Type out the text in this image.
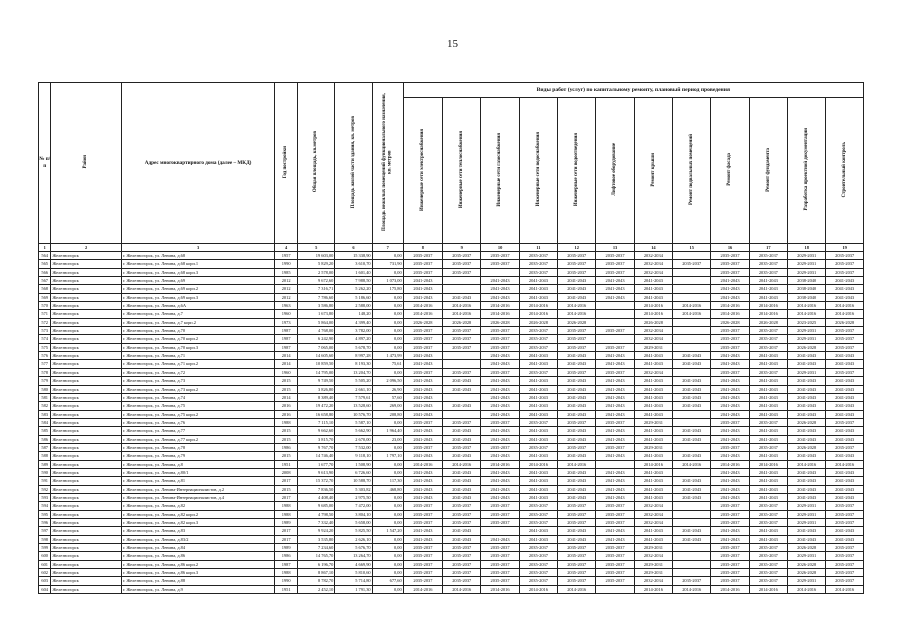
15
№ п/п	Район	Адрес многоквартирного дома (далее – МКД)	Год постройки	Общая площадь, кв.метров	Площадь жилой части здания, кв. метров	Площадь нежилых помещений функционального назначения, кв. метров	Виды работ (услуг) по капитальному ремонту, плановый период проведения											
							Инженерные сети электроснабжения	Инженерные сети теплоснабжения	Инженерные сети газоснабжения	Инженерные сети водоснабжения	Инженерные сети водоотведения	Лифтовое оборудование	Ремонт крыши	Ремонт подвальных помещений	Ремонт фасада	Ремонт фундамента	Разработка проектной документации	Строительный контроль
1	2	3	4	5	6	7	8	9	10	11	12	13	14	15	16	17	18	19
564	Железногорск	г. Железногорск, ул. Ленина, д.68	1957	19 603,00	15 338,90	0,00	2035-2037	2035-2037	2035-2037	2035-2037	2035-2037	2035-2037	2032-2034		2035-2037	2035-2037	2029-2031	2035-2037
565	Железногорск	г. Железногорск, ул. Ленина, д.68 корп.1	1990	5 829,20	3 610,70	731,90	2035-2037	2035-2037	2035-2037	2035-2037	2035-2037	2035-2037	2032-2034	2035-2037	2035-2037	2035-2037	2029-2031	2035-2037
566	Железногорск	г. Железногорск, ул. Ленина, д.68 корп.3	1985	2 578,00	1 601,40	0,00	2035-2037	2035-2037		2035-2037	2035-2037	2035-2037	2032-2034		2035-2037	2035-2037	2029-2031	2035-2037
567	Железногорск	г. Железногорск, ул. Ленина, д.69	2012	9 672,60	7 988,50	1 073,00	2041-2043		2041-2043	2041-2043	2041-2043	2041-2043	2041-2043		2041-2043	2041-2043	2038-2040	2041-2043
568	Железногорск	г. Железногорск, ул. Ленина, д.69 корп.2	2012	7 316,71	5 262,20	175,80	2041-2043		2041-2043	2041-2043	2041-2043	2041-2043	2041-2043		2041-2043	2041-2043	2038-2040	2041-2043
569	Железногорск	г. Железногорск, ул. Ленина, д.69 корп.3	2012	7 786,60	5 186,60	0,00	2041-2043	2041-2043	2041-2043	2041-2043	2041-2043	2041-2043	2041-2043		2041-2043	2041-2043	2038-2040	2041-2043
570	Железногорск	г. Железногорск, ул. Ленина, д.6А	1963	3 586,80	2 588,00	0,00	2014-2016	2014-2016	2014-2016	2014-2016	2014-2016		2014-2016	2014-2016	2014-2016	2014-2016	2014-2016	2014-2016
571	Железногорск	г. Железногорск, ул. Ленина, д.7	1960	1 673,80	148,20	0,00	2014-2016	2014-2016	2014-2016	2014-2016	2014-2016		2014-2016	2014-2016	2014-2016	2014-2016	2014-2016	2014-2016
572	Железногорск	г. Железногорск, ул. Ленина, д.7 корп.2	1973	5 864,00	4 399,40	0,00	2026-2028	2026-2028	2026-2028	2026-2028	2026-2028		2026-2028		2026-2028	2026-2028	2023-2025	2026-2028
573	Железногорск	г. Железногорск, ул. Ленина, д.70	1987	4 768,00	3 782,00	0,00	2035-2037	2035-2037	2035-2037	2035-2037	2035-2037	2035-2037	2032-2034		2035-2037	2035-2037	2029-2031	2035-2037
574	Железногорск	г. Железногорск, ул. Ленина, д.70 корп.2	1987	6 242,90	4 897,20	0,00	2035-2037	2035-2037	2035-2037	2035-2037	2035-2037		2032-2034		2035-2037	2035-2037	2029-2031	2035-2037
575	Железногорск	г. Железногорск, ул. Ленина, д.70 корп.3	1987	7 065,00	5 678,70	0,00	2035-2037	2035-2037	2035-2037	2035-2037	2035-2037	2035-2037	2029-2031		2035-2037	2035-2037	2026-2028	2035-2037
576	Железногорск	г. Железногорск, ул. Ленина, д.71	2014	14 605,60	8 997,28	1 473,99	2041-2043		2041-2043	2041-2043	2041-2043	2041-2043	2041-2043	2041-2043	2041-2043	2041-2043	2041-2043	2041-2043
577	Железногорск	г. Железногорск, ул. Ленина, д.71 корп.2	2014	10 859,50	8 193,30	75,61	2041-2043		2041-2043	2041-2043	2041-2043	2041-2043	2041-2043	2041-2043	2041-2043	2041-2043	2041-2043	2041-2043
578	Железногорск	г. Железногорск, ул. Ленина, д.72	1960	14 795,00	13 204,70	0,00	2035-2037	2035-2037	2035-2037	2035-2037	2035-2037	2035-2037	2032-2034		2035-2037	2035-2037	2029-2031	2035-2037
579	Железногорск	г. Железногорск, ул. Ленина, д.73	2015	9 749,50	5 505,20	2 096,50	2041-2043	2041-2043	2041-2043	2041-2043	2041-2043	2041-2043	2041-2043	2041-2043	2041-2043	2041-2043	2041-2043	2041-2043
580	Железногорск	г. Железногорск, ул. Ленина, д.73 корп.2	2015	3 826,80	2 661,10	26,90	2041-2043	2041-2043	2041-2043	2041-2043	2041-2043	2041-2043	2041-2043	2041-2043	2041-2043	2041-2043	2041-2043	2041-2043
581	Железногорск	г. Железногорск, ул. Ленина, д.74	2014	8 389,40	7 579,61	57,60	2041-2043		2041-2043	2041-2043	2041-2043	2041-2043	2041-2043	2041-2043	2041-2043	2041-2043	2041-2043	2041-2043
582	Железногорск	г. Железногорск, ул. Ленина, д.75	2016	19 472,20	13 528,60	269,00	2041-2043	2041-2043	2041-2043	2041-2043	2041-2043	2041-2043	2041-2043	2041-2043	2041-2043	2041-2043	2041-2043	2041-2043
583	Железногорск	г. Железногорск, ул. Ленина, д.75 корп.2	2016	16 658,80	10 576,70	208,80	2041-2043		2041-2043	2041-2043	2041-2043	2041-2043	2041-2043		2041-2043	2041-2043	2041-2043	2041-2043
584	Железногорск	г. Железногорск, ул. Ленина, д.76	1988	7 115,10	5 587,10	0,00	2035-2037	2035-2037	2035-2037	2035-2037	2035-2037	2035-2037	2029-2031		2035-2037	2035-2037	2026-2028	2035-2037
585	Железногорск	г. Железногорск, ул. Ленина, д.77	2015	9 662,60	5 662,90	1 964,40	2041-2043	2041-2043	2041-2043	2041-2043	2041-2043	2041-2043	2041-2043	2041-2043	2041-2043	2041-2043	2041-2043	2041-2043
586	Железногорск	г. Железногорск, ул. Ленина, д.77 корп.2	2015	3 815,70	2 670,00	23,00	2041-2043	2041-2043	2041-2043	2041-2043	2041-2043	2041-2043	2041-2043	2041-2043	2041-2043	2041-2043	2041-2043	2041-2043
587	Железногорск	г. Железногорск, ул. Ленина, д.78	1986	9 767,70	7 532,00	0,00	2035-2037	2035-2037	2035-2037	2035-2037	2035-2037	2035-2037	2029-2031		2035-2037	2035-2037	2026-2028	2035-2037
588	Железногорск	г. Железногорск, ул. Ленина, д.79	2015	14 746,40	9 118,10	1 797,10	2041-2043	2041-2043	2041-2043	2041-2043	2041-2043	2041-2043	2041-2043	2041-2043	2041-2043	2041-2043	2041-2043	2041-2043
589	Железногорск	г. Железногорск, ул. Ленина, д.8	1951	1 677,70	1 508,90	0,00	2014-2016	2014-2016	2014-2016	2014-2016	2014-2016		2014-2016	2014-2016	2014-2016	2014-2016	2014-2016	2014-2016
590	Железногорск	г. Железногорск, ул. Ленина, д.80/1	2008	9 613,90	6 726,60	0,00	2041-2043	2041-2043	2041-2043	2041-2043	2041-2043	2041-2043	2041-2043		2041-2043	2041-2043	2041-2043	2041-2043
591	Железногорск	г. Железногорск, ул. Ленина, д.81	2017	15 372,70	10 588,70	117,30	2041-2043	2041-2043	2041-2043	2041-2043	2041-2043	2041-2043	2041-2043	2041-2043	2041-2043	2041-2043	2041-2043	2041-2043
592	Железногорск	г. Железногорск, ул. Ленина-Интернационалистов, д.2	2015	7 836,50	5 303,82	468,80	2041-2043	2041-2043	2041-2043	2041-2043	2041-2043	2041-2043	2041-2043	2041-2043	2041-2043	2041-2043	2041-2043	2041-2043
593	Железногорск	г. Железногорск, ул. Ленина-Интернационалистов, д.4	2017	4 408,40	2 975,50	0,00	2041-2043	2041-2043	2041-2043	2041-2043	2041-2043	2041-2043	2041-2043	2041-2043	2041-2043	2041-2043	2041-2043	2041-2043
594	Железногорск	г. Железногорск, ул. Ленина, д.82	1988	9 685,00	7 472,00	0,00	2035-2037	2035-2037	2035-2037	2035-2037	2035-2037	2035-2037	2032-2034		2035-2037	2035-2037	2029-2031	2035-2037
595	Железногорск	г. Железногорск, ул. Ленина, д.82 корп.2	1988	4 798,50	3 804,10	0,00	2035-2037	2035-2037	2035-2037	2035-2037	2035-2037	2035-2037	2032-2034		2035-2037	2035-2037	2029-2031	2035-2037
596	Железногорск	г. Железногорск, ул. Ленина, д.82 корп.3	1989	7 332,40	5 658,00	0,00	2035-2037	2035-2037	2035-2037	2035-2037	2035-2037	2035-2037	2032-2034		2035-2037	2035-2037	2029-2031	2035-2037
597	Железногорск	г. Железногорск, ул. Ленина, д.83	2017	9 924,20	5 825,50	1 547,20	2041-2043	2041-2043		2041-2043	2041-2043	2041-2043	2041-2043	2041-2043	2041-2043	2041-2043	2041-2043	2041-2043
598	Железногорск	г. Железногорск, ул. Ленина, д.83/2	2017	3 535,80	2 626,10	0,00	2041-2043	2041-2043	2041-2043	2041-2043	2041-2043	2041-2043	2041-2043	2041-2043	2041-2043	2041-2043	2041-2043	2041-2043
599	Железногорск	г. Железногорск, ул. Ленина, д.84	1989	7 234,60	5 676,70	0,00	2035-2037	2035-2037	2035-2037	2035-2037	2035-2037	2035-2037	2029-2031		2035-2037	2035-2037	2026-2028	2035-2037
600	Железногорск	г. Железногорск, ул. Ленина, д.86	1986	14 765,70	13 264,70	0,00	2035-2037	2035-2037	2035-2037	2035-2037	2035-2037	2035-2037	2032-2034		2035-2037	2035-2037	2029-2031	2035-2037
601	Железногорск	г. Железногорск, ул. Ленина, д.86 корп.2	1987	6 196,70	4 669,90	0,00	2035-2037	2035-2037	2035-2037	2035-2037	2035-2037	2035-2037	2029-2031		2035-2037	2035-2037	2026-2028	2035-2037
602	Железногорск	г. Железногорск, ул. Ленина, д.86 корп.3	1988	8 867,10	5 810,60	0,00	2035-2037	2035-2037	2035-2037	2035-2037	2035-2037	2035-2037	2029-2031		2035-2037	2035-2037	2026-2028	2035-2037
603	Железногорск	г. Железногорск, ул. Ленина, д.88	1990	8 782,70	5 714,80	677,60	2035-2037	2035-2037	2035-2037	2035-2037	2035-2037	2035-2037	2032-2034	2035-2037	2035-2037	2035-2037	2029-2031	2035-2037
604	Железногорск	г. Железногорск, ул. Ленина, д.9	1951	2 452,10	1 791,30	0,00	2014-2016	2014-2016	2014-2016	2014-2016	2014-2016		2014-2016	2014-2016	2014-2016	2014-2016	2014-2016	2014-2016
